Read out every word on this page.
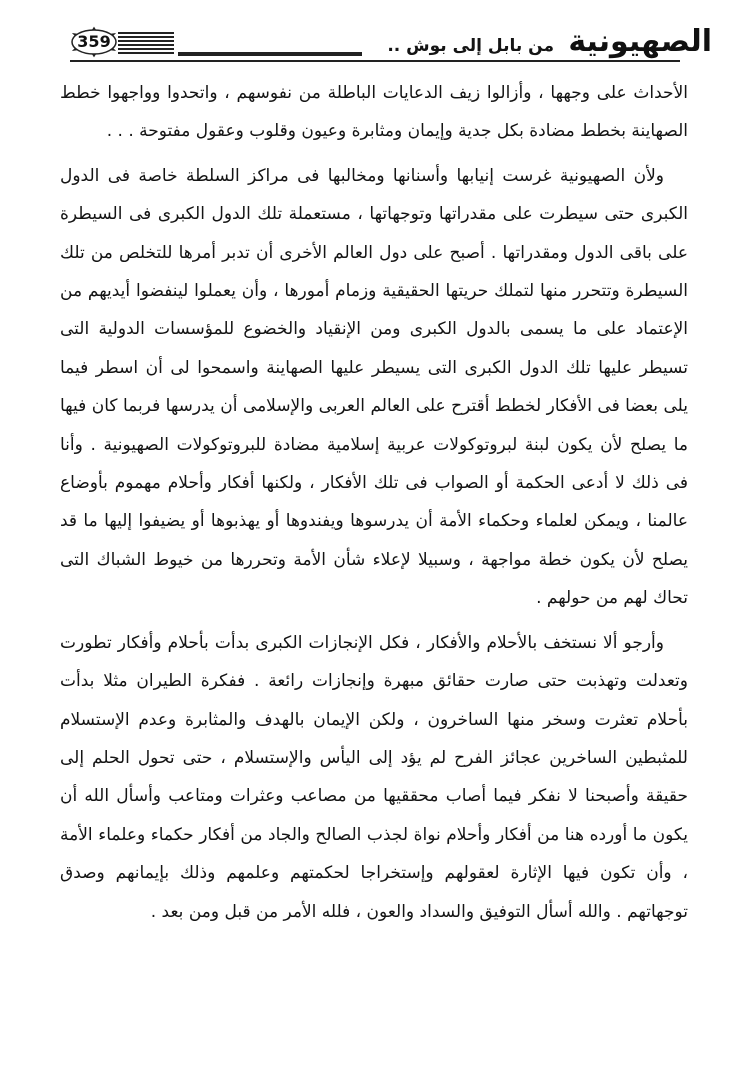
الصهيونية
من بابل إلى بوش ..
359

الأحداث على وجهها ، وأزالوا زيف الدعايات الباطلة من نفوسهم ، واتحدوا وواجهوا خطط الصهاينة بخطط مضادة بكل جدية وإيمان ومثابرة وعيون وقلوب وعقول مفتوحة . . .

ولأن الصهيونية غرست إنيابها وأسنانها ومخالبها فى مراكز السلطة خاصة فى الدول الكبرى حتى سيطرت على مقدراتها وتوجهاتها ، مستعملة تلك الدول الكبرى فى السيطرة على باقى الدول ومقدراتها . أصبح على دول العالم الأخرى أن تدبر أمرها للتخلص من تلك السيطرة وتتحرر منها لتملك حريتها الحقيقية وزمام أمورها ، وأن يعملوا لينفضوا أيديهم من الإعتماد على ما يسمى بالدول الكبرى ومن الإنقياد والخضوع للمؤسسات الدولية التى تسيطر عليها تلك الدول الكبرى التى يسيطر عليها الصهاينة واسمحوا لى أن اسطر فيما يلى بعضا فى الأفكار لخطط أقترح على العالم العربى والإسلامى أن يدرسها فربما كان فيها ما يصلح لأن يكون لبنة لبروتوكولات عربية إسلامية مضادة للبروتوكولات الصهيونية . وأنا فى ذلك لا أدعى الحكمة أو الصواب فى تلك الأفكار ، ولكنها أفكار وأحلام مهموم بأوضاع عالمنا ، ويمكن لعلماء وحكماء الأمة أن يدرسوها ويفندوها أو يهذبوها أو يضيفوا إليها ما قد يصلح لأن يكون خطة مواجهة ، وسبيلا لإعلاء شأن الأمة وتحررها من خيوط الشباك التى تحاك لهم من حولهم .

وأرجو ألا نستخف بالأحلام والأفكار ، فكل الإنجازات الكبرى بدأت بأحلام وأفكار تطورت وتعدلت وتهذبت حتى صارت حقائق مبهرة وإنجازات رائعة . ففكرة الطيران مثلا بدأت بأحلام تعثرت وسخر منها الساخرون ، ولكن الإيمان بالهدف والمثابرة وعدم الإستسلام للمثبطين الساخرين عجائز الفرح لم يؤد إلى اليأس والإستسلام ، حتى تحول الحلم إلى حقيقة وأصبحنا لا نفكر فيما أصاب محققيها من مصاعب وعثرات ومتاعب وأسأل الله أن يكون ما أورده هنا من أفكار وأحلام نواة لجذب الصالح والجاد من أفكار حكماء وعلماء الأمة ، وأن تكون فيها الإثارة لعقولهم وإستخراجا لحكمتهم وعلمهم وذلك بإيمانهم وصدق توجهاتهم . والله أسأل التوفيق والسداد والعون ، فلله الأمر من قبل ومن بعد .
